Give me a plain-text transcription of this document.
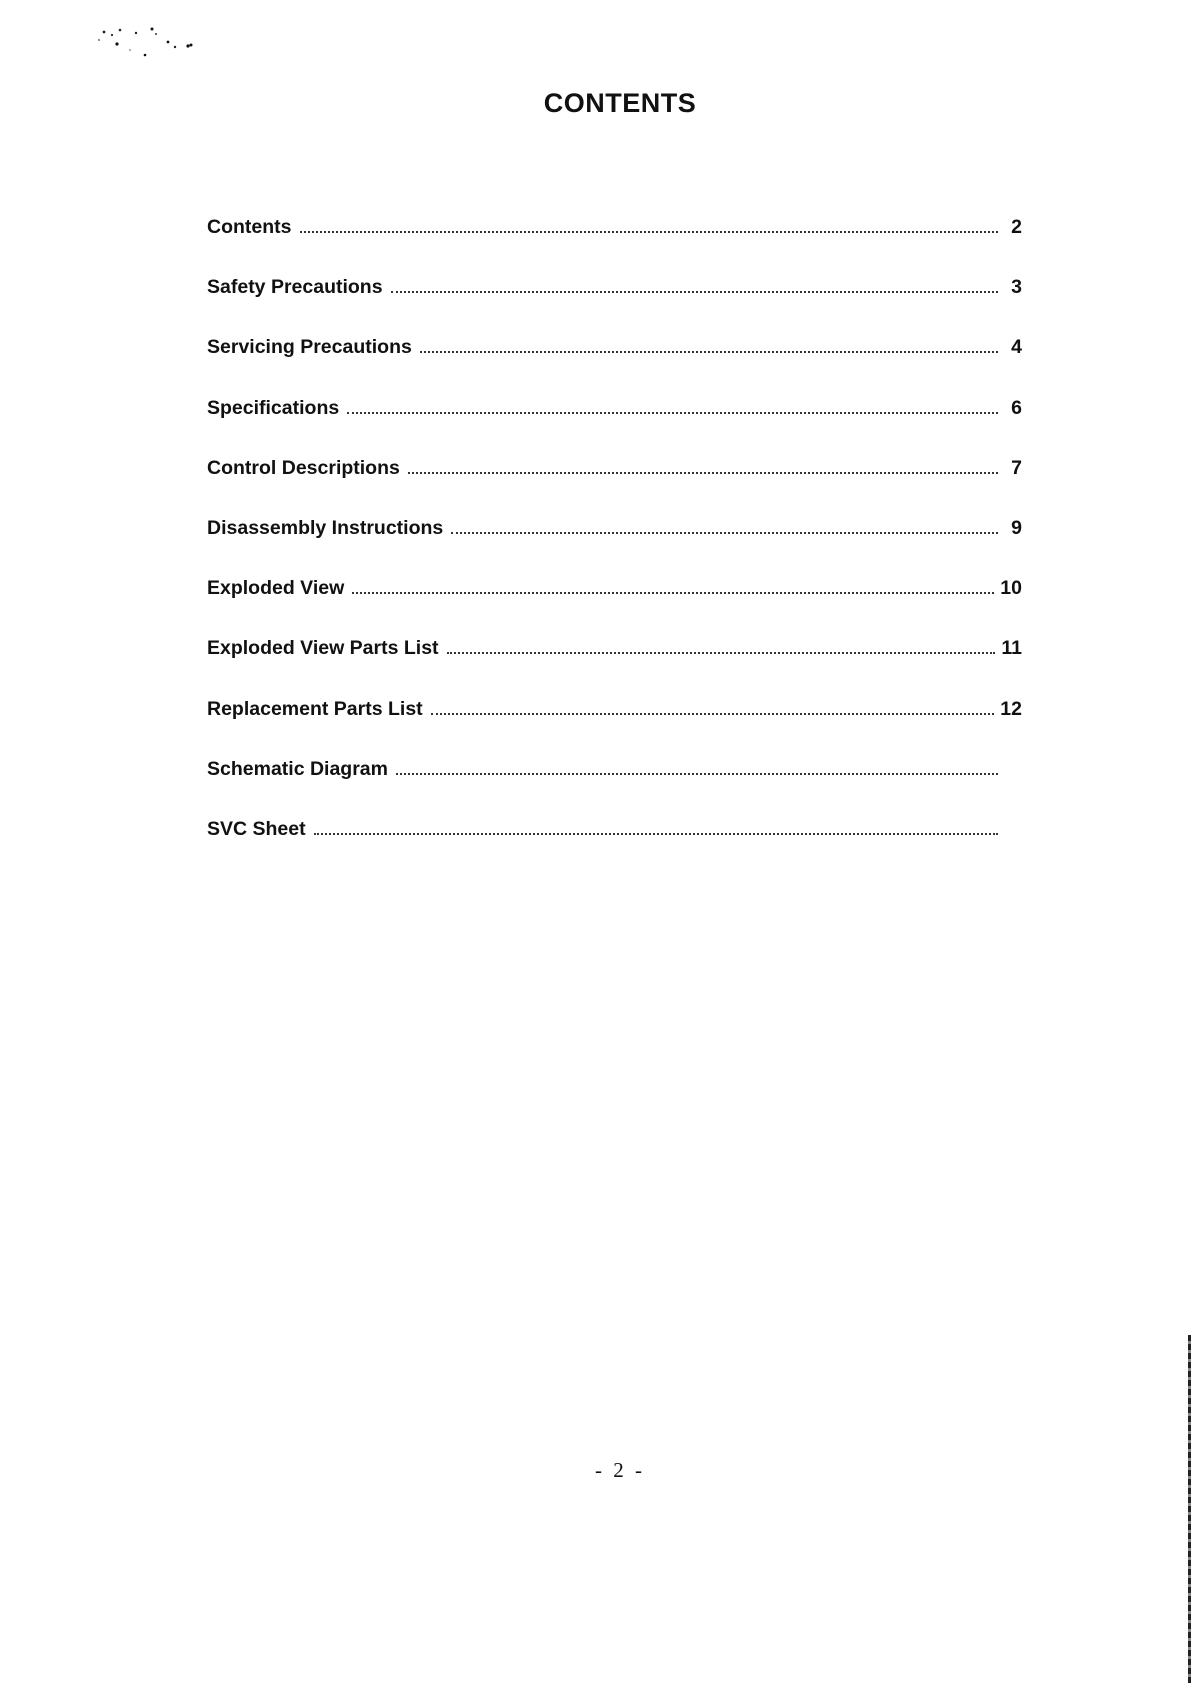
CONTENTS
Contents	2
Safety Precautions	3
Servicing Precautions	4
Specifications	6
Control Descriptions	7
Disassembly Instructions	9
Exploded View	10
Exploded View Parts List	11
Replacement Parts List	12
Schematic Diagram
SVC Sheet

- 2 -
